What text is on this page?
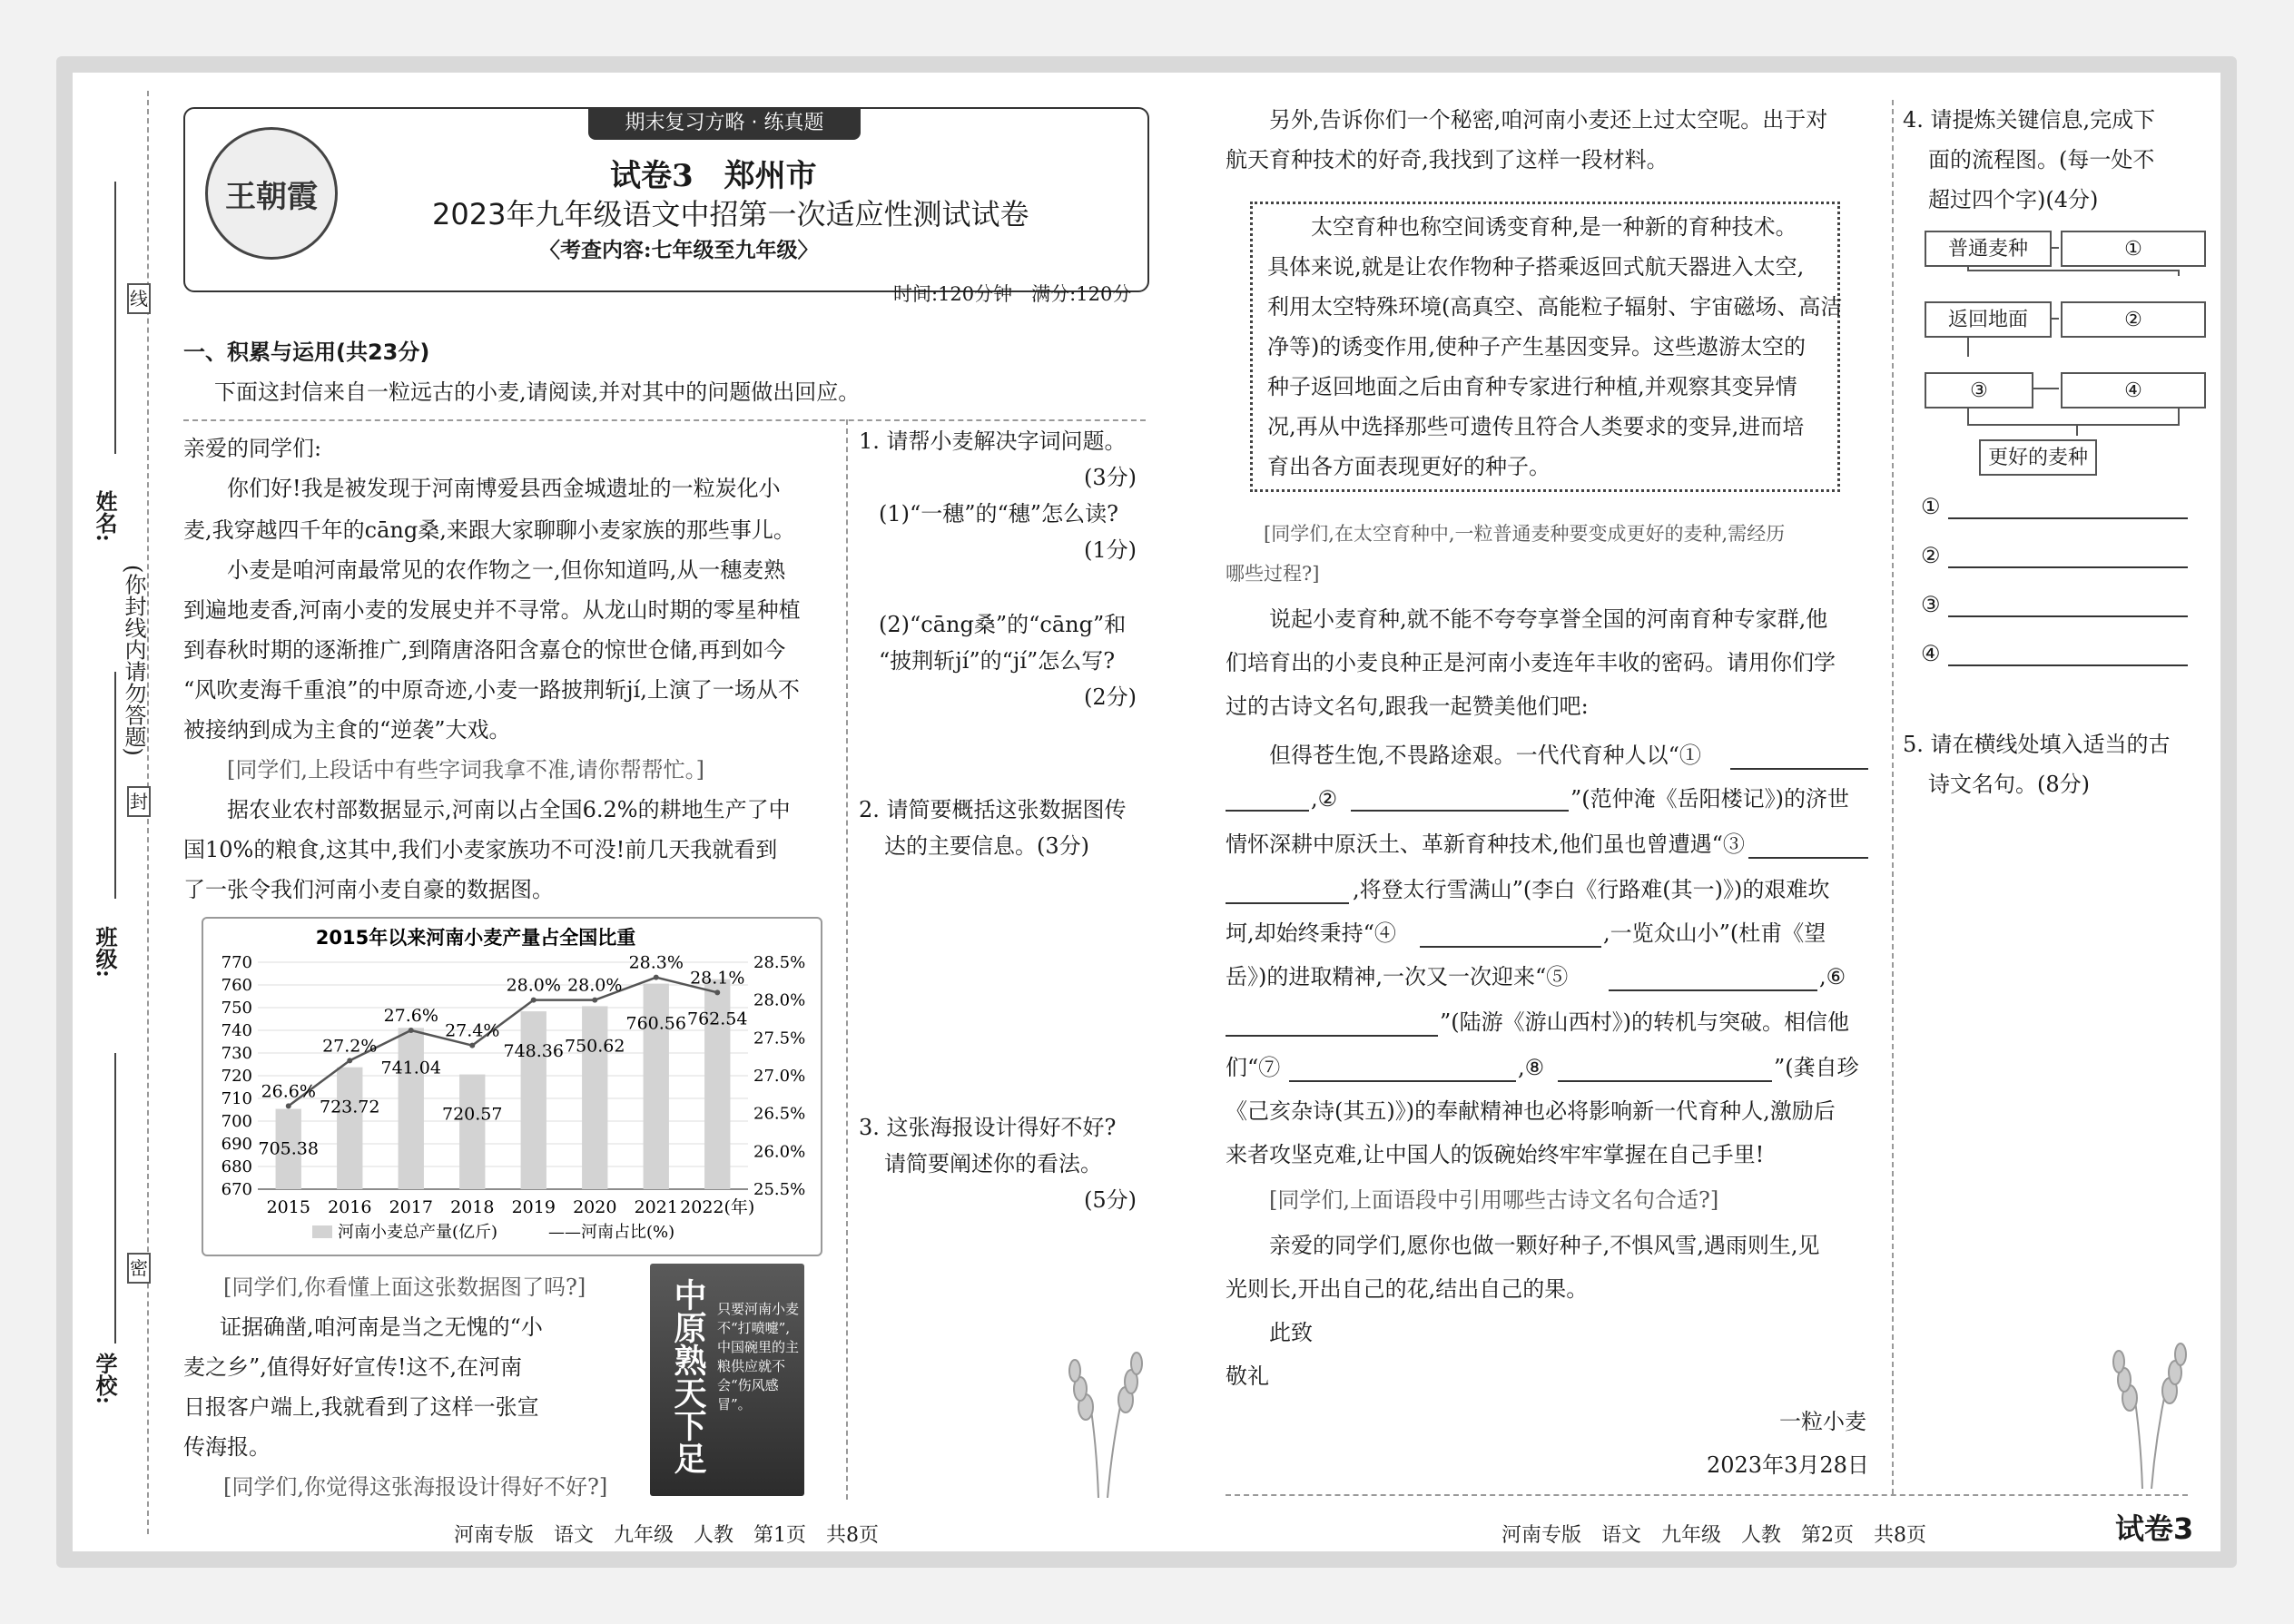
线
姓名:
(你封线内请勿答题)
封
班级:
密
学校:
期末复习方略 · 练真题
王朝霞
试卷3　郑州市
2023年九年级语文中招第一次适应性测试试卷
〈考查内容:七年级至九年级〉
时间:120分钟　满分:120分
一、积累与运用(共23分)
下面这封信来自一粒远古的小麦,请阅读,并对其中的问题做出回应。
亲爱的同学们:
　　你们好!我是被发现于河南博爱县西金城遗址的一粒炭化小
麦,我穿越四千年的cāng桑,来跟大家聊聊小麦家族的那些事儿。
　　小麦是咱河南最常见的农作物之一,但你知道吗,从一穗麦熟
到遍地麦香,河南小麦的发展史并不寻常。从龙山时期的零星种植
到春秋时期的逐渐推广,到隋唐洛阳含嘉仓的惊世仓储,再到如今
“风吹麦海千重浪”的中原奇迹,小麦一路披荆斩jí,上演了一场从不
被接纳到成为主食的“逆袭”大戏。
　　[同学们,上段话中有些字词我拿不准,请你帮帮忙。]
　　据农业农村部数据显示,河南以占全国6.2%的耕地生产了中
国10%的粮食,这其中,我们小麦家族功不可没!前几天我就看到
了一张令我们河南小麦自豪的数据图。
2015年以来河南小麦产量占全国比重
770
760
750
740
730
720
710
700
690
680
670
28.5%
28.0%
27.5%
27.0%
26.5%
26.0%
25.5%
705.38
2015
723.72
2016
741.04
2017
720.57
2018
748.36
2019
750.62
2020
760.56
2021
762.54
2022(年)
26.6%
27.2%
27.6%
27.4%
28.0% 28.0%
28.3%
28.1%
河南小麦总产量(亿斤)	——河南占比(%)
[同学们,你看懂上面这张数据图了吗?]
　证据确凿,咱河南是当之无愧的“小
麦之乡”,值得好好宣传!这不,在河南
日报客户端上,我就看到了这样一张宣
传海报。
[同学们,你觉得这张海报设计得好不好?]
中原熟天下足 只要河南小麦不“打喷嚏”,中国碗里的主粮供应就不会“伤风感冒”。
1. 请帮小麦解决字词问题。
(3分)
(1)“一穗”的“穗”怎么读?
(1分)
(2)“cāng桑”的“cāng”和
“披荆斩jí”的“jí”怎么写?
(2分)
2. 请简要概括这张数据图传
达的主要信息。(3分)
3. 这张海报设计得好不好?
请简要阐述你的看法。
(5分)
河南专版　语文　九年级　人教　第1页　共8页
　　另外,告诉你们一个秘密,咱河南小麦还上过太空呢。出于对
航天育种技术的好奇,我找到了这样一段材料。
　　太空育种也称空间诱变育种,是一种新的育种技术。
具体来说,就是让农作物种子搭乘返回式航天器进入太空,
利用太空特殊环境(高真空、高能粒子辐射、宇宙磁场、高洁
净等)的诱变作用,使种子产生基因变异。这些遨游太空的
种子返回地面之后由育种专家进行种植,并观察其变异情
况,再从中选择那些可遗传且符合人类要求的变异,进而培
育出各方面表现更好的种子。
　　[同学们,在太空育种中,一粒普通麦种要变成更好的麦种,需经历
哪些过程?]
　　说起小麦育种,就不能不夸夸享誉全国的河南育种专家群,他
们培育出的小麦良种正是河南小麦连年丰收的密码。请用你们学
过的古诗文名句,跟我一起赞美他们吧:
　　但得苍生饱,不畏路途艰。一代代育种人以“①
,②	”(范仲淹《岳阳楼记》)的济世
情怀深耕中原沃土、革新育种技术,他们虽也曾遭遇“③
,将登太行雪满山”(李白《行路难(其一)》)的艰难坎
坷,却始终秉持“④	,一览众山小”(杜甫《望
岳》)的进取精神,一次又一次迎来“⑤	,⑥
”(陆游《游山西村》)的转机与突破。相信他
们“⑦	,⑧	”(龚自珍
《己亥杂诗(其五)》)的奉献精神也必将影响新一代育种人,激励后
来者攻坚克难,让中国人的饭碗始终牢牢掌握在自己手里!
　　[同学们,上面语段中引用哪些古诗文名句合适?]
　　亲爱的同学们,愿你也做一颗好种子,不惧风雪,遇雨则生,见
光则长,开出自己的花,结出自己的果。
　　此致
敬礼
一粒小麦
2023年3月28日
4. 请提炼关键信息,完成下
面的流程图。(每一处不
超过四个字)(4分)
普通麦种	①
返回地面	②
③	④
更好的麦种
①
②
③
④
5. 请在横线处填入适当的古
诗文名句。(8分)
河南专版　语文　九年级　人教　第2页　共8页	试卷3
